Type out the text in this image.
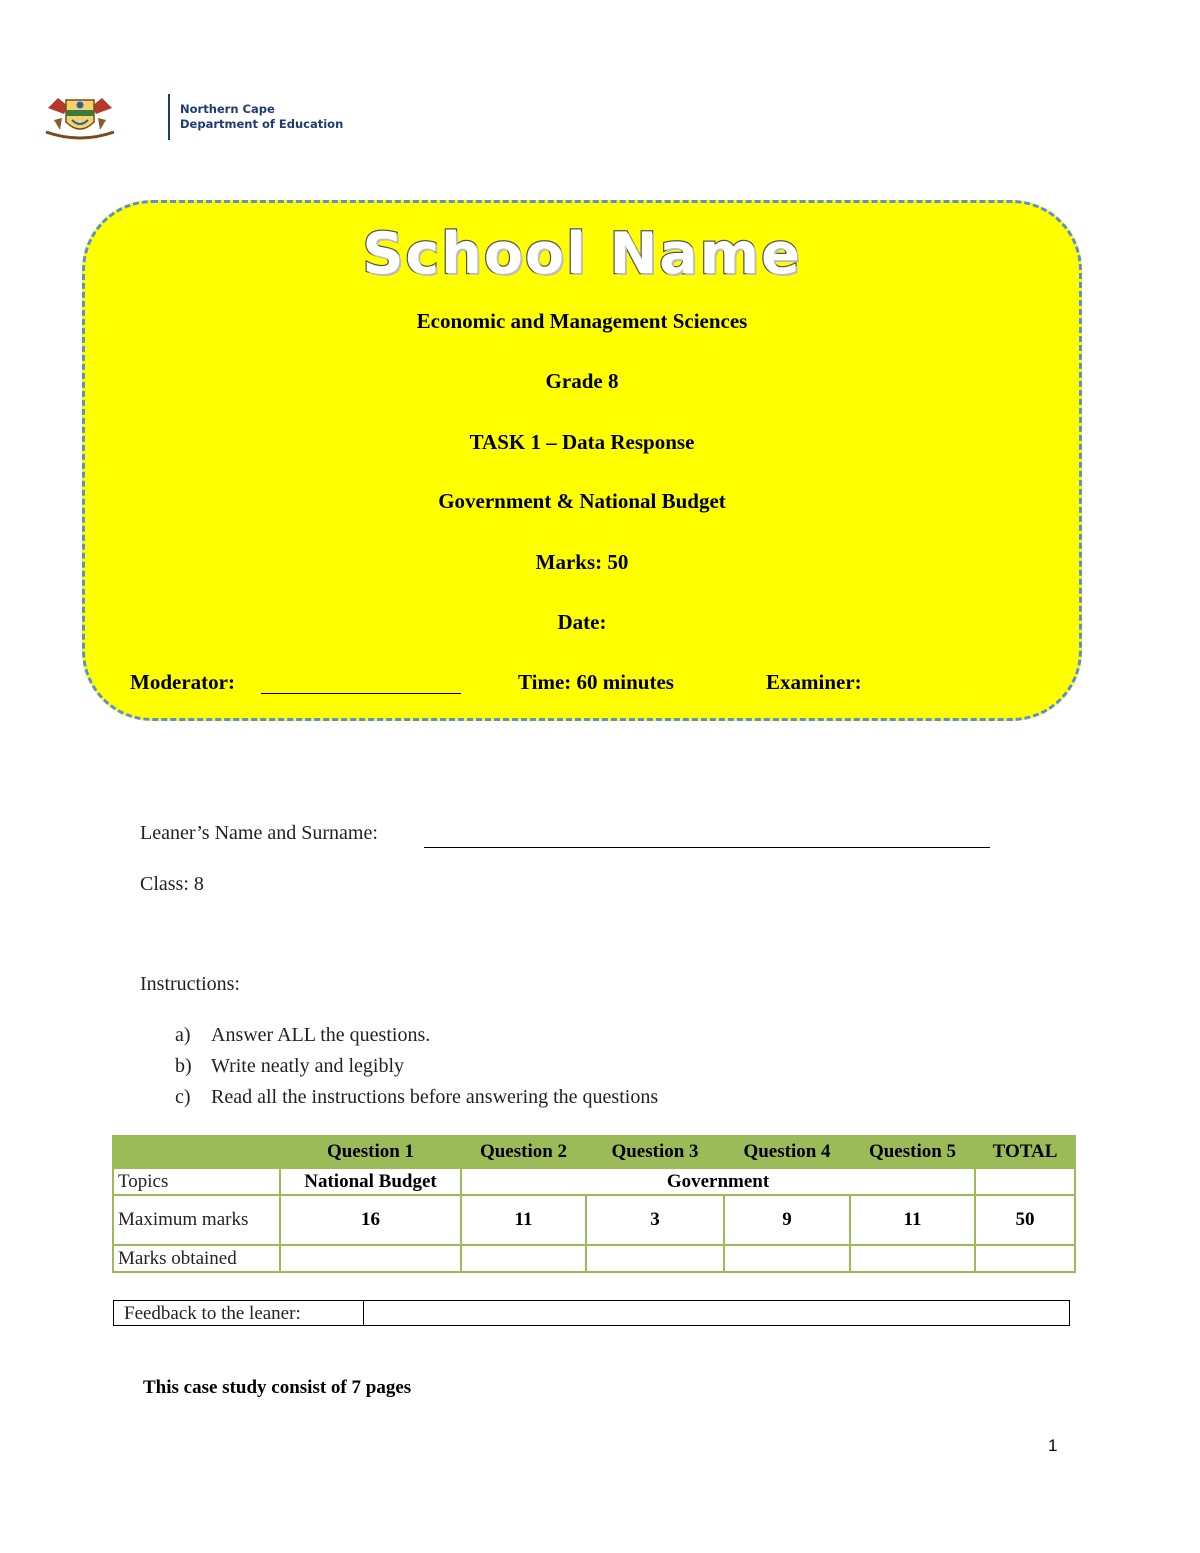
Northern Cape
Department of Education
School Name
Economic and Management Sciences
Grade 8
TASK 1 – Data Response
Government & National Budget
Marks: 50
Date:
Moderator:	Time: 60 minutes	Examiner:
Leaner’s Name and Surname:
Class: 8
Instructions:
a) Answer ALL the questions.
b) Write neatly and legibly
c) Read all the instructions before answering the questions
	Question 1	Question 2	Question 3	Question 4	Question 5	TOTAL
Topics	National Budget	Government				
Maximum marks	16	11	3	9	11	50
Marks obtained						
Feedback to the leaner:
This case study consist of 7 pages
1
